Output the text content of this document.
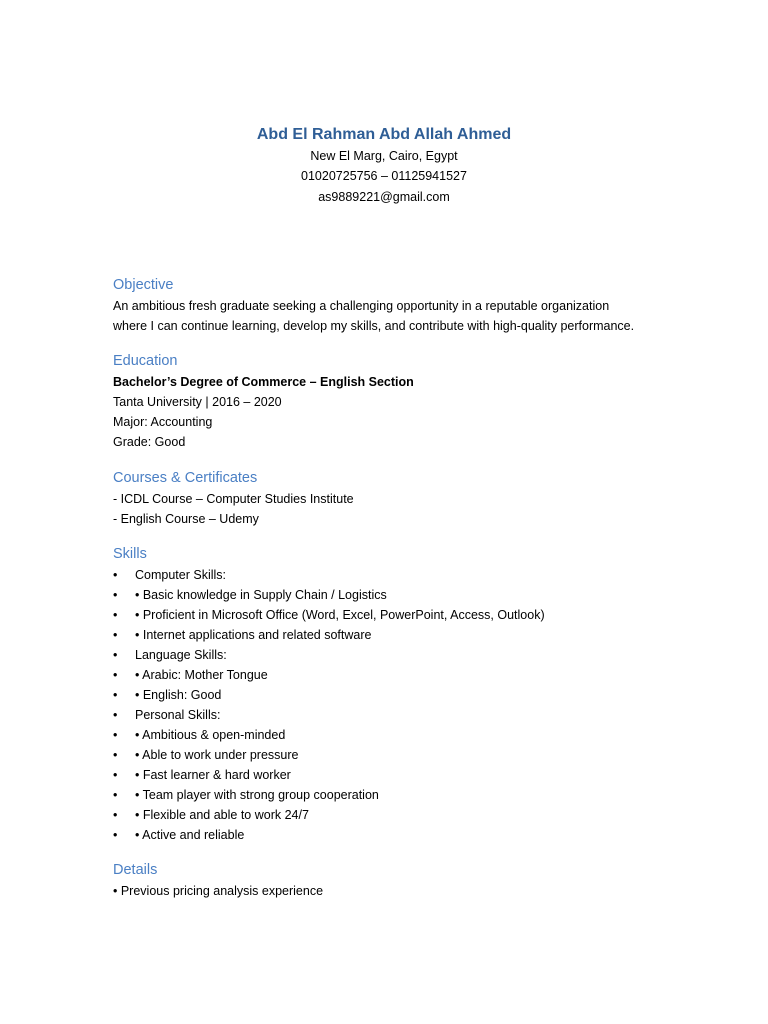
Abd El Rahman Abd Allah Ahmed

New El Marg, Cairo, Egypt

01020725756 – 01125941527

as9889221@gmail.com

Objective

An ambitious fresh graduate seeking a challenging opportunity in a reputable organization

where I can continue learning, develop my skills, and contribute with high-quality performance.

Education

Bachelor’s Degree of Commerce – English Section

Tanta University | 2016 – 2020

Major: Accounting

Grade: Good

Courses & Certificates

- ICDL Course – Computer Studies Institute

- English Course – Udemy

Skills

• Computer Skills:
• • Basic knowledge in Supply Chain / Logistics
• • Proficient in Microsoft Office (Word, Excel, PowerPoint, Access, Outlook)
• • Internet applications and related software
• Language Skills:
• • Arabic: Mother Tongue
• • English: Good
• Personal Skills:
• • Ambitious & open-minded
• • Able to work under pressure
• • Fast learner & hard worker
• • Team player with strong group cooperation
• • Flexible and able to work 24/7
• • Active and reliable

Details

• Previous pricing analysis experience
